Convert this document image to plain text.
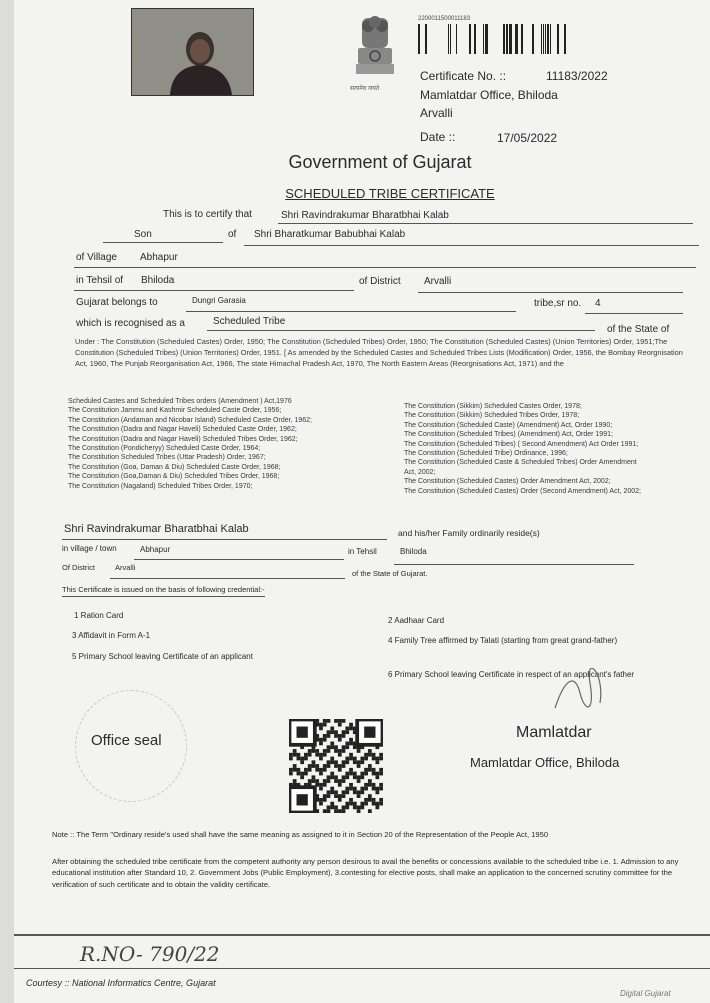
सत्यमेव जयते
2200011500011183
Certificate No. ::	11183/2022
Mamlatdar Office, Bhiloda
Arvalli
Date ::	17/05/2022
Government of Gujarat
SCHEDULED TRIBE CERTIFICATE
This is to certify that	Shri Ravindrakumar Bharatbhai Kalab
Son	of Shri Bharatkumar Babubhai Kalab
of Village Abhapur
in Tehsil of Bhiloda	of District Arvalli
Gujarat belongs to	Dungri Garasia	tribe,sr no. 4
which is recognised as a	Scheduled Tribe
of the State of
Under : The Constitution (Scheduled Castes) Order, 1950; The Constitution (Scheduled Tribes) Order, 1950; The Constitution (Scheduled Castes) (Union Territories) Order, 1951;The Constitution (Scheduled Tribes) (Union Territories) Order, 1951. [ As amended by the Scheduled Castes and Scheduled Tribes Lists (Modification) Order, 1956, the Bombay Reorgnisation Act, 1960, The Punjab Reorganisation Act, 1966, The state Himachal Pradesh Act, 1970, The North Eastern Areas (Reorgnisations Act, 1971) and the
Scheduled Castes and Scheduled Tribes orders (Amendment ) Act,1976
The Constitution Jammu and Kashmir Scheduled Caste Order, 1956;
The Constitution (Andaman and Nicobar Island) Scheduled Caste Order, 1962;
The Constitution (Dadra and Nagar Haveli) Scheduled Caste Order, 1962;
The Constitution (Dadra and Nagar Haveli) Scheduled Tribes Order, 1962;
The Constitution (Pondicheryy) Scheduled Caste Order, 1964;
The Constitution Scheduled Tribes (Uttar Pradesh) Order, 1967;
The Constitution (Goa, Daman & Diu) Scheduled Caste Order, 1968;
The Constitution (Goa,Daman & Diu) Scheduled Tribes Order, 1968;
The Constitution (Nagaland) Scheduled Tribes Order, 1970;
The Constitution (Sikkim) Scheduled Castes Order, 1978;
The Constitution (Sikkim) Scheduled Tribes Order, 1978;
The Constitution (Scheduled Caste) (Amendment) Act, Order 1990;
The Constitution (Scheduled Tribes) (Amendment) Act, Order 1991;
The Constitution (Scheduled Tribes) ( Second Amendment) Act Order 1991;
The Constitution (Scheduled Tribe) Ordinance, 1996;
The Constitution (Scheduled Caste & Scheduled Tribes) Order Amendment
Act, 2002;
The Constitution (Scheduled Castes) Order Amendment Act, 2002;
The Constitution (Scheduled Castes) Order (Second Amendment) Act, 2002;
Shri Ravindrakumar Bharatbhai Kalab	and his/her Family ordinarily reside(s)
in village / town	Abhapur	in Tehsil	Bhiloda
Of District	Arvalli
of the State of Gujarat.
This Certificate is issued on the basis of following credential:-
1 Ration Card
2 Aadhaar Card
3 Affidavit in Form A-1
4 Family Tree affirmed by Talati (starting from great grand-father)
5 Primary School leaving Certificate of an applicant
6 Primary School leaving Certificate in respect of an applicant's father
Office seal	Mamlatdar
Mamlatdar Office, Bhiloda
Note :: The Term "Ordinary reside's used shall have the same meaning as assigned to it in Section 20 of the Representation of the People Act, 1950
After obtaining the scheduled tribe certificate from the competent authority any person desirous to avail the benefits or concessions available to the scheduled tribe i.e. 1. Admission to any educational institution after Standard 10, 2. Government Jobs (Public Employment), 3.contesting for elective posts, shall make an application to the concerned scrutiny committee for the verification of such certificate and to obtain the validity certificate.
R.NO- 790/22
Courtesy :: National Informatics Centre, Gujarat
Digital Gujarat
